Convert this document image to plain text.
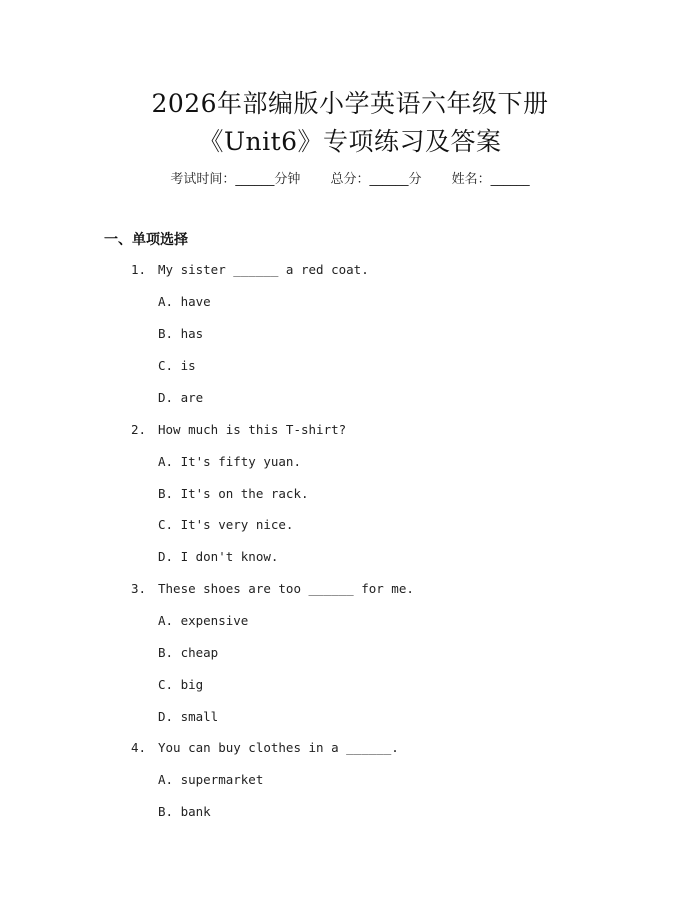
2026年部编版小学英语六年级下册
《Unit6》专项练习及答案
考试时间：______分钟 总分：______分 姓名：______
一、单项选择
1. My sister ______ a red coat.
A. have
B. has
C. is
D. are
2. How much is this T-shirt?
A. It's fifty yuan.
B. It's on the rack.
C. It's very nice.
D. I don't know.
3. These shoes are too ______ for me.
A. expensive
B. cheap
C. big
D. small
4. You can buy clothes in a ______.
A. supermarket
B. bank
